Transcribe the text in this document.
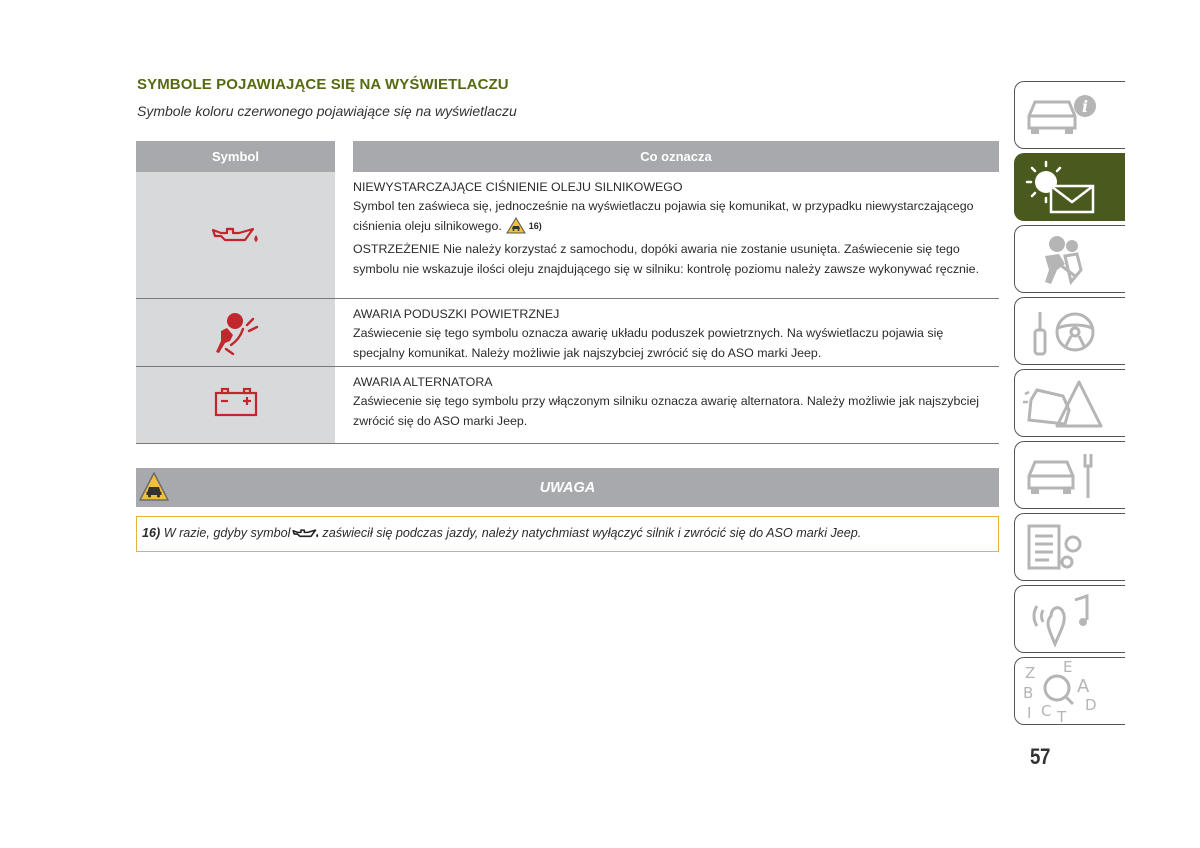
SYMBOLE POJAWIAJĄCE SIĘ NA WYŚWIETLACZU
Symbole koloru czerwonego pojawiające się na wyświetlaczu
Symbol	Co oznacza

NIEWYSTARCZAJĄCE CIŚNIENIE OLEJU SILNIKOWEGO

Symbol ten zaświeca się, jednocześnie na wyświetlaczu pojawia się komunikat, w przypadku niewystarczającego ciśnienia oleju silnikowego.	16)

OSTRZEŻENIE Nie należy korzystać z samochodu, dopóki awaria nie zostanie usunięta. Zaświecenie się tego symbolu nie wskazuje ilości oleju znajdującego się w silniku: kontrolę poziomu należy zawsze wykonywać ręcznie.

AWARIA PODUSZKI POWIETRZNEJ

Zaświecenie się tego symbolu oznacza awarię układu poduszek powietrznych. Na wyświetlaczu pojawia się specjalny komunikat. Należy możliwie jak najszybciej zwrócić się do ASO marki Jeep.

AWARIA ALTERNATORA

Zaświecenie się tego symbolu przy włączonym silniku oznacza awarię alternatora. Należy możliwie jak najszybciej zwrócić się do ASO marki Jeep.

UWAGA
16) W razie, gdyby symbol	zaświecił się podczas jazdy, należy natychmiast wyłączyć silnik i zwrócić się do ASO marki Jeep.
i
Z E
A
B
D
I C T
57
